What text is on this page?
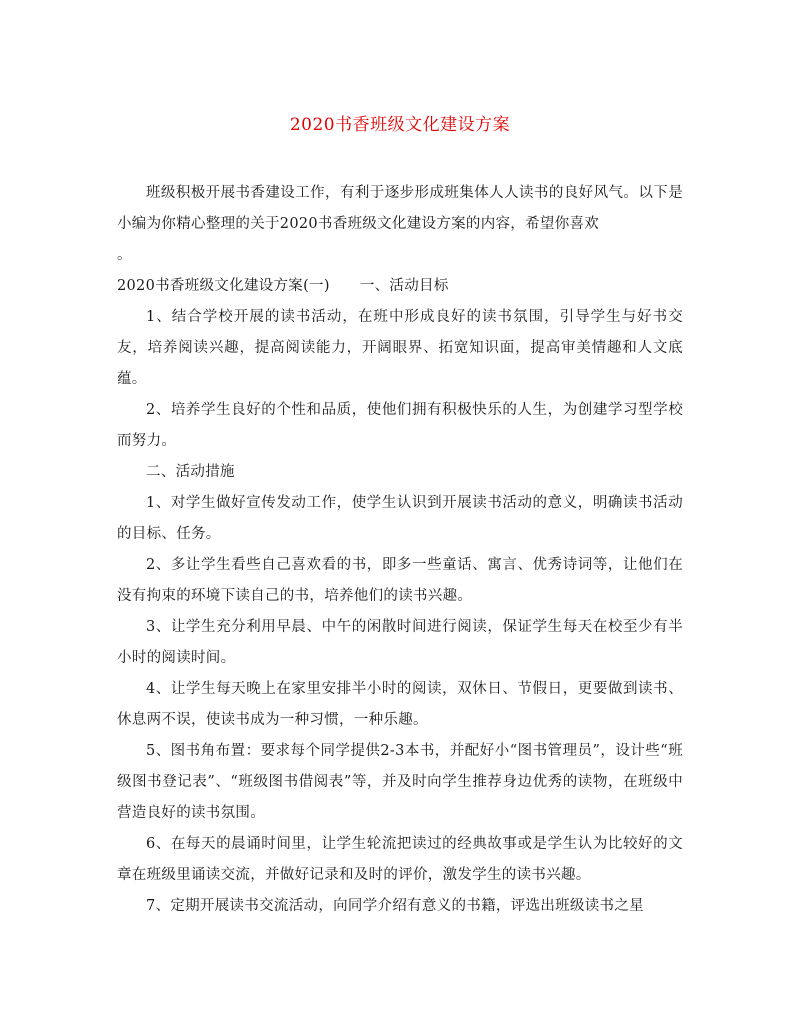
2020书香班级文化建设方案

班级积极开展书香建设工作，有利于逐步形成班集体人人读书的良好风气。以下是小编为你精心整理的关于2020书香班级文化建设方案的内容，希望你喜欢
。

2020书香班级文化建设方案(一) 一、活动目标

1、结合学校开展的读书活动，在班中形成良好的读书氛围，引导学生与好书交友，培养阅读兴趣，提高阅读能力，开阔眼界、拓宽知识面，提高审美情趣和人文底蕴。

2、培养学生良好的个性和品质，使他们拥有积极快乐的人生，为创建学习型学校而努力。

二、活动措施

1、对学生做好宣传发动工作，使学生认识到开展读书活动的意义，明确读书活动的目标、任务。

2、多让学生看些自己喜欢看的书，即多一些童话、寓言、优秀诗词等，让他们在没有拘束的环境下读自己的书，培养他们的读书兴趣。

3、让学生充分利用早晨、中午的闲散时间进行阅读，保证学生每天在校至少有半小时的阅读时间。

4、让学生每天晚上在家里安排半小时的阅读，双休日、节假日，更要做到读书、休息两不误，使读书成为一种习惯，一种乐趣。

5、图书角布置：要求每个同学提供2-3本书，并配好小“图书管理员”，设计些“班级图书登记表”、“班级图书借阅表”等，并及时向学生推荐身边优秀的读物，在班级中营造良好的读书氛围。

6、在每天的晨诵时间里，让学生轮流把读过的经典故事或是学生认为比较好的文章在班级里诵读交流，并做好记录和及时的评价，激发学生的读书兴趣。

7、定期开展读书交流活动，向同学介绍有意义的书籍，评选出班级读书之星
